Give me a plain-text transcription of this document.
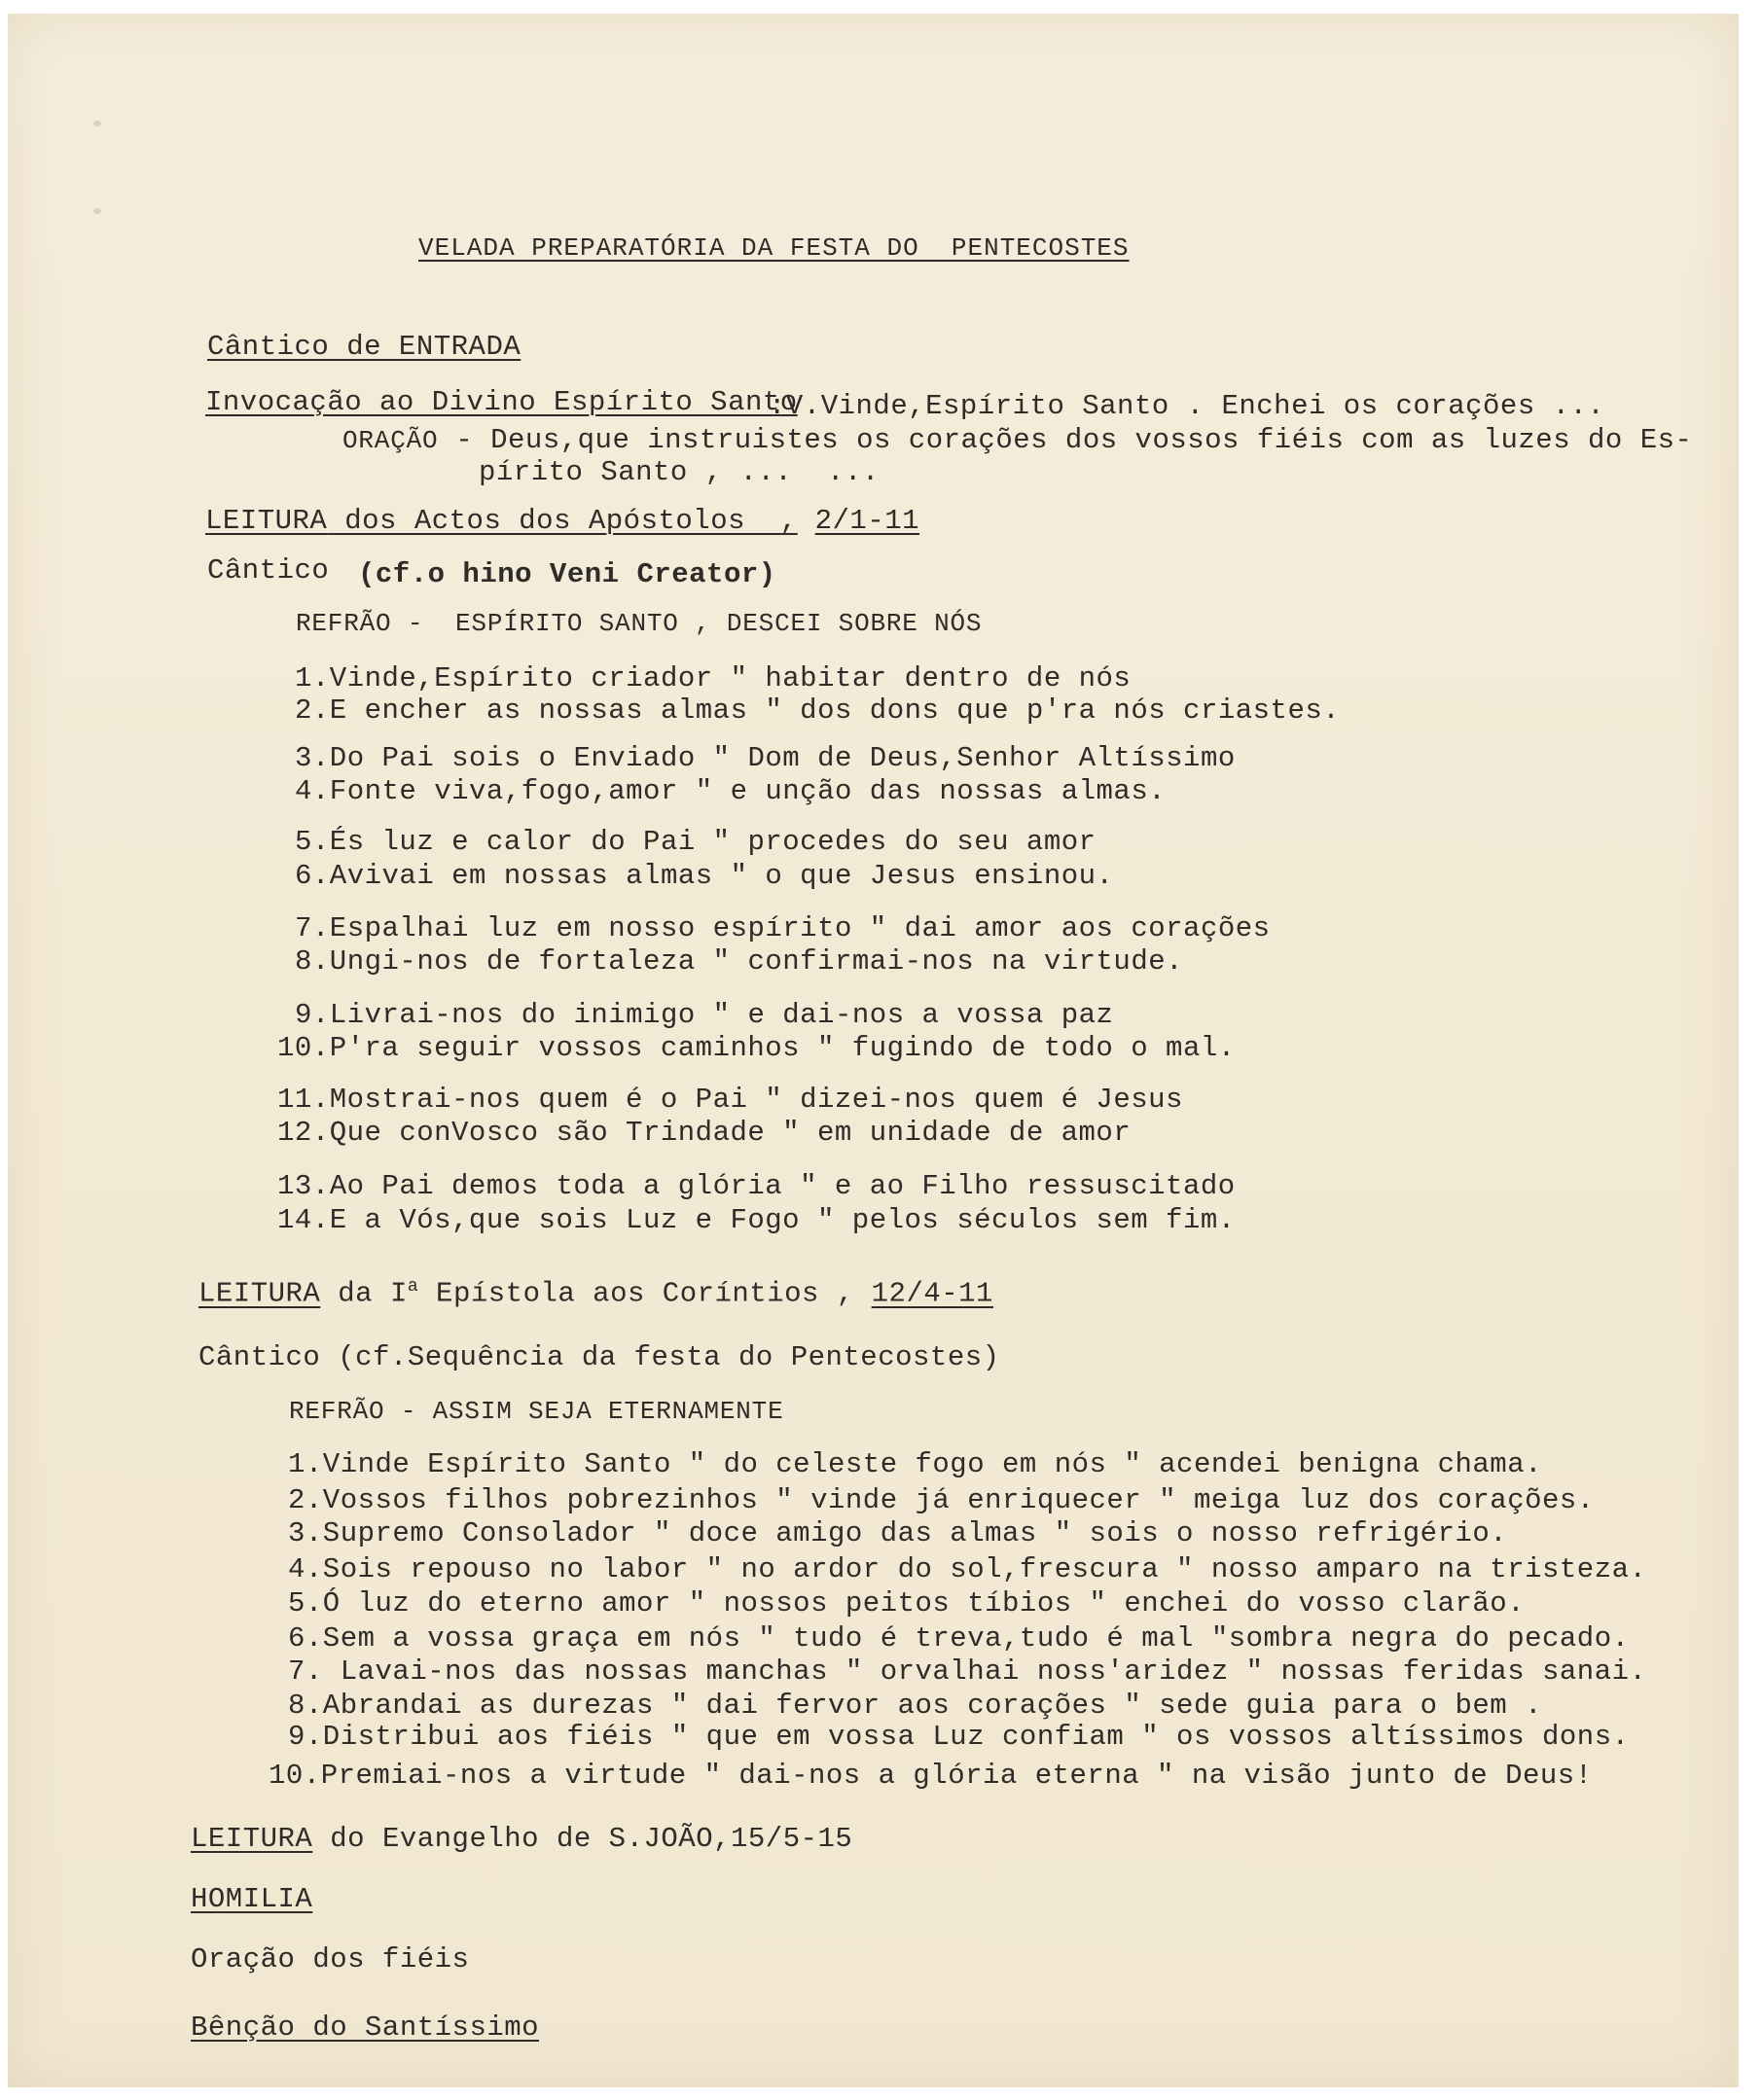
VELADA PREPARATÓRIA DA FESTA DO  PENTECOSTES
Cântico de ENTRADA
Invocação ao Divino Espírito Santo
:V.Vinde,Espírito Santo . Enchei os corações ...
ORAÇÃO - Deus,que instruistes os corações dos vossos fiéis com as luzes do Es-
pírito Santo , ...  ...
LEITURA dos Actos dos Apóstolos  , 2/1-11
Cântico (cf.o hino Veni Creator)
REFRÃO -  ESPÍRITO SANTO , DESCEI SOBRE NÓS
1.Vinde,Espírito criador " habitar dentro de nós
2.E encher as nossas almas " dos dons que p'ra nós criastes.
3.Do Pai sois o Enviado " Dom de Deus,Senhor Altíssimo
4.Fonte viva,fogo,amor " e unção das nossas almas.
5.És luz e calor do Pai " procedes do seu amor
6.Avivai em nossas almas " o que Jesus ensinou.
7.Espalhai luz em nosso espírito " dai amor aos corações
8.Ungi-nos de fortaleza " confirmai-nos na virtude.
9.Livrai-nos do inimigo " e dai-nos a vossa paz
10.P'ra seguir vossos caminhos " fugindo de todo o mal.
11.Mostrai-nos quem é o Pai " dizei-nos quem é Jesus
12.Que conVosco são Trindade " em unidade de amor
13.Ao Pai demos toda a glória " e ao Filho ressuscitado
14.E a Vós,que sois Luz e Fogo " pelos séculos sem fim.
LEITURA da $I^a$ Epístola aos Coríntios , 12/4-11
Cântico (cf.Sequência da festa do Pentecostes)
REFRÃO - ASSIM SEJA ETERNAMENTE
1.Vinde Espírito Santo " do celeste fogo em nós " acendei benigna chama.
2.Vossos filhos pobrezinhos " vinde já enriquecer " meiga luz dos corações.
3.Supremo Consolador " doce amigo das almas " sois o nosso refrigério.
4.Sois repouso no labor " no ardor do sol,frescura " nosso amparo na tristeza.
5.Ó luz do eterno amor " nossos peitos tíbios " enchei do vosso clarão.
6.Sem a vossa graça em nós " tudo é treva,tudo é mal "sombra negra do pecado.
7. Lavai-nos das nossas manchas " orvalhai noss'aridez " nossas feridas sanai.
8.Abrandai as durezas " dai fervor aos corações " sede guia para o bem .
9.Distribui aos fiéis " que em vossa Luz confiam " os vossos altíssimos dons.
10.Premiai-nos a virtude " dai-nos a glória eterna " na visão junto de Deus!
LEITURA do Evangelho de S.JOÃO,15/5-15
HOMILIA
Oração dos fiéis
Bênção do Santíssimo
